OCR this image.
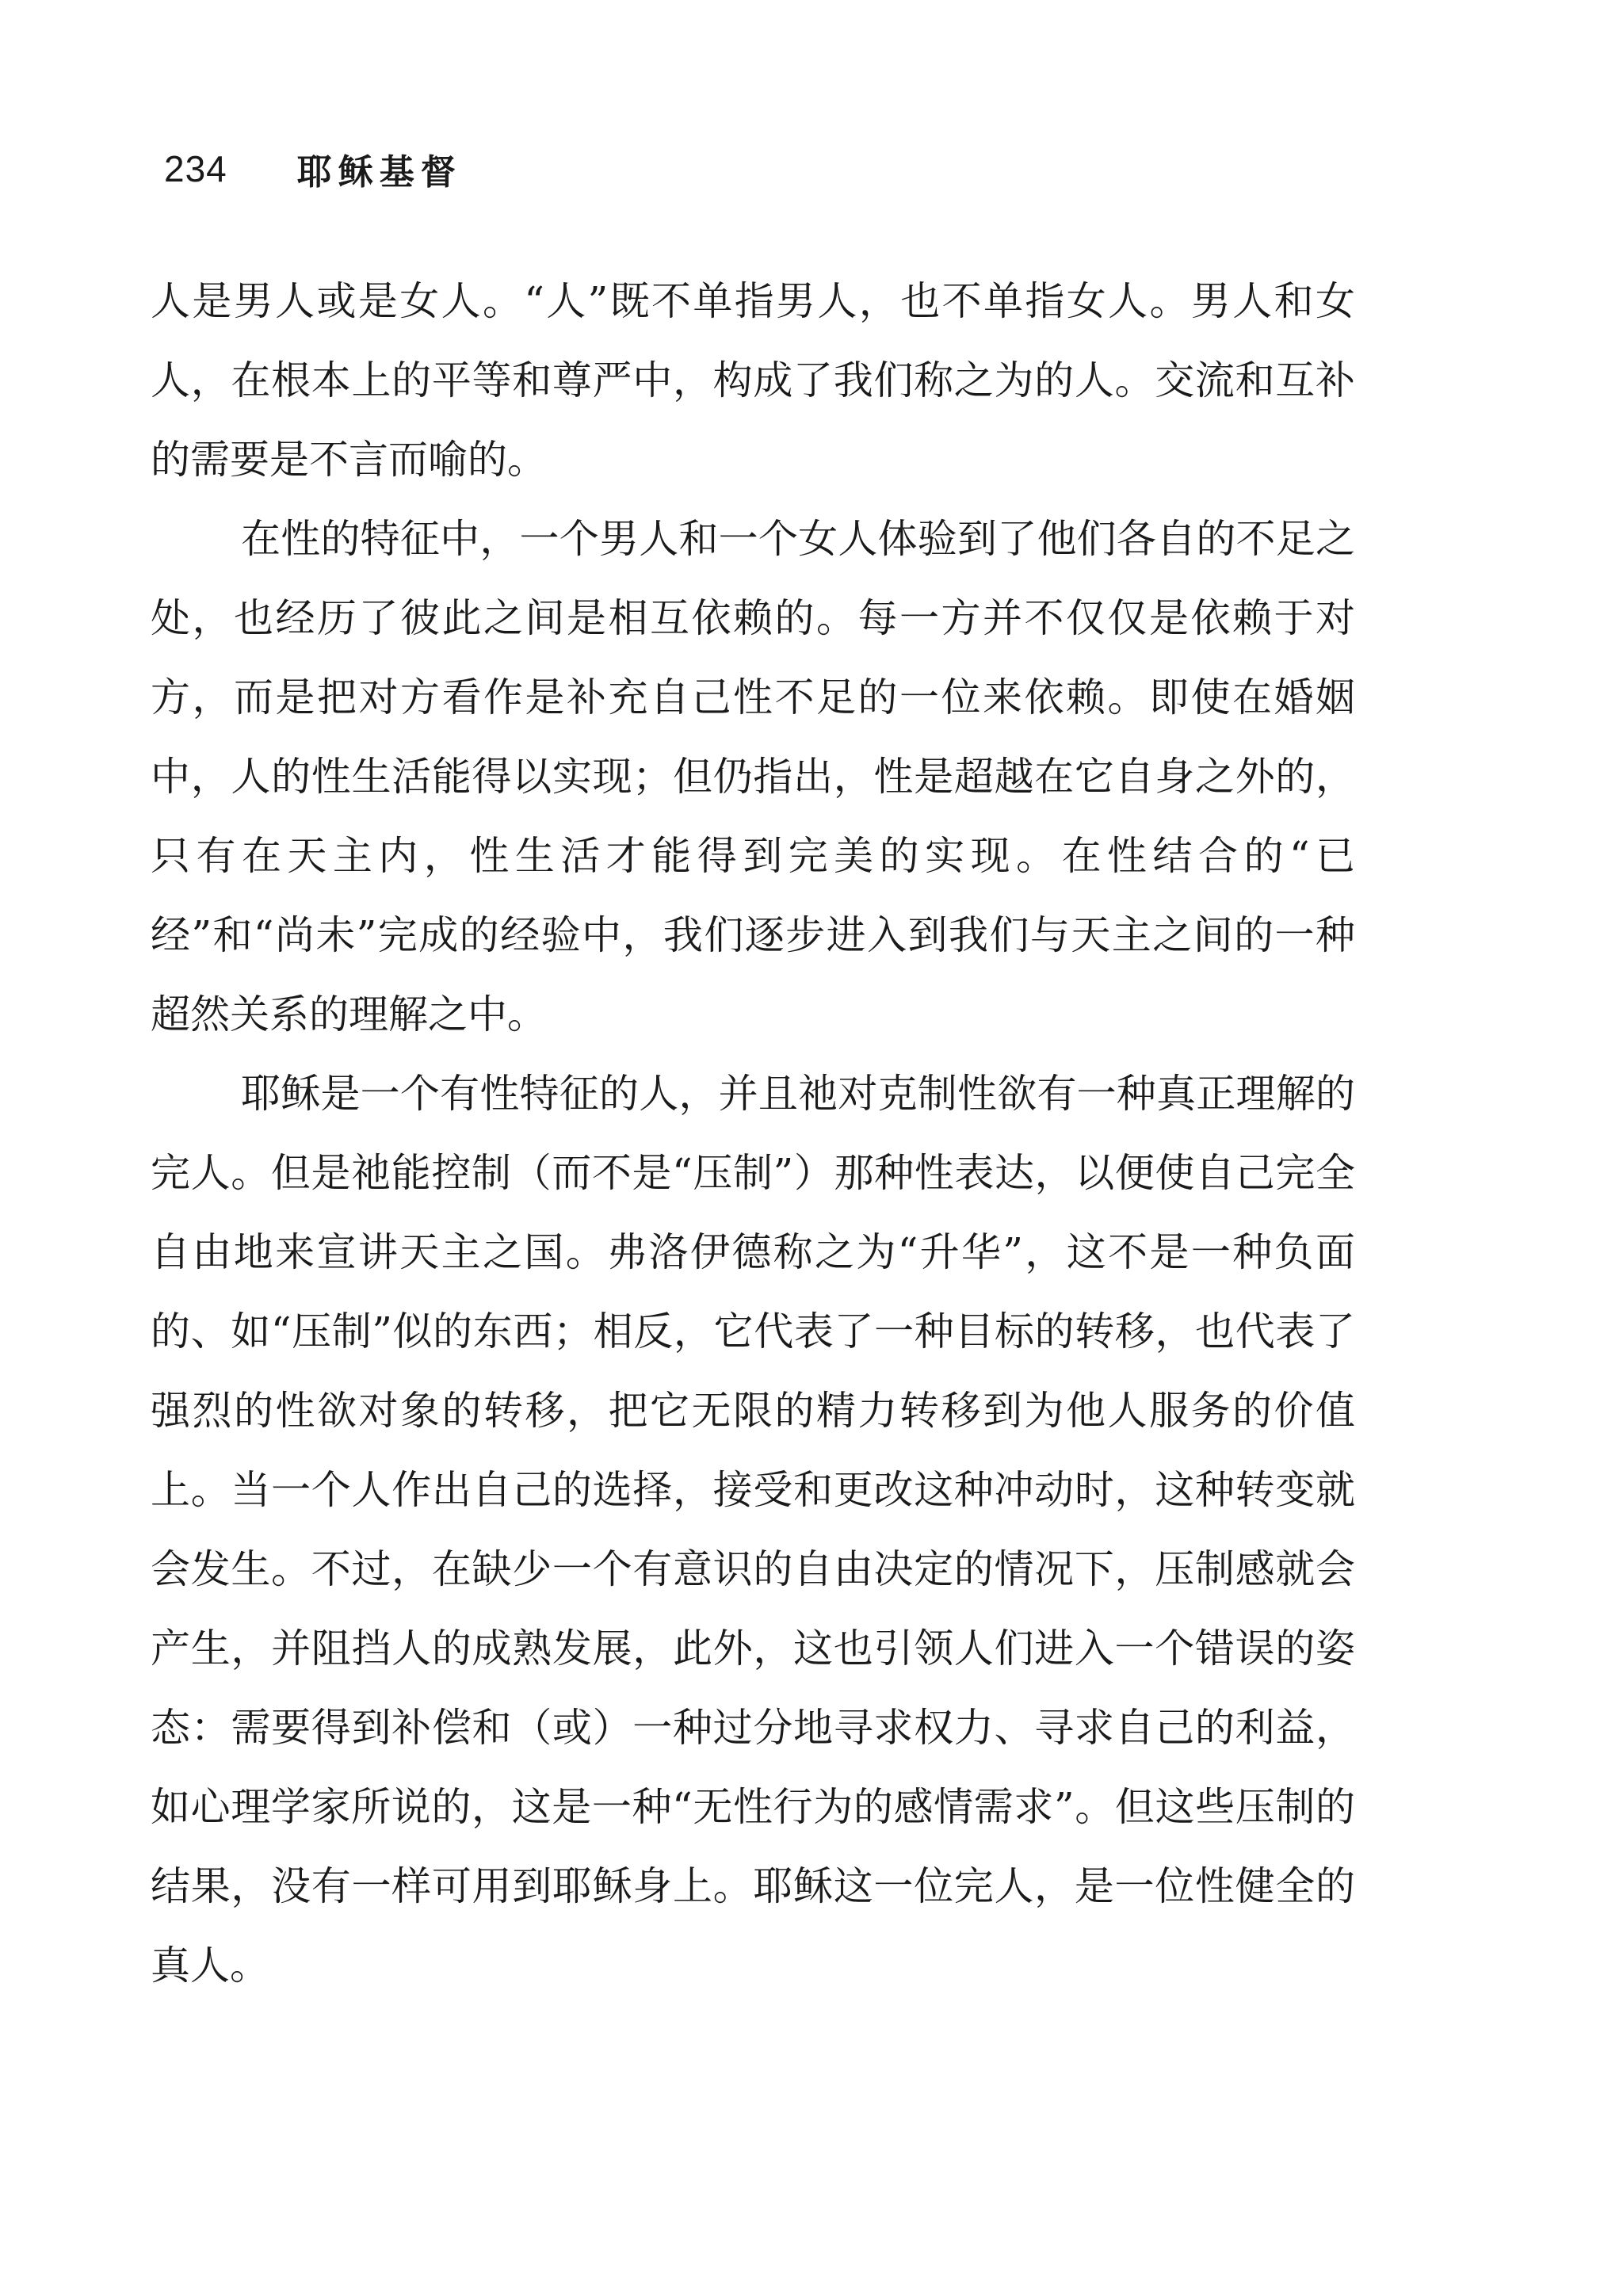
234 耶稣基督

人是男人或是女人。“人”既不单指男人，也不单指女人。男人和女人，在根本上的平等和尊严中，构成了我们称之为的人。交流和互补的需要是不言而喻的。

在性的特征中，一个男人和一个女人体验到了他们各自的不足之处，也经历了彼此之间是相互依赖的。每一方并不仅仅是依赖于对方，而是把对方看作是补充自己性不足的一位来依赖。即使在婚姻中，人的性生活能得以实现；但仍指出，性是超越在它自身之外的，只有在天主内，性生活才能得到完美的实现。在性结合的“已经”和“尚未”完成的经验中，我们逐步进入到我们与天主之间的一种超然关系的理解之中。

耶稣是一个有性特征的人，并且祂对克制性欲有一种真正理解的完人。但是祂能控制（而不是“压制”）那种性表达，以便使自己完全自由地来宣讲天主之国。弗洛伊德称之为“升华”，这不是一种负面的、如“压制”似的东西；相反，它代表了一种目标的转移，也代表了强烈的性欲对象的转移，把它无限的精力转移到为他人服务的价值上。当一个人作出自己的选择，接受和更改这种冲动时，这种转变就会发生。不过，在缺少一个有意识的自由决定的情况下，压制感就会产生，并阻挡人的成熟发展，此外，这也引领人们进入一个错误的姿态：需要得到补偿和（或）一种过分地寻求权力、寻求自己的利益，如心理学家所说的，这是一种“无性行为的感情需求”。但这些压制的结果，没有一样可用到耶稣身上。耶稣这一位完人，是一位性健全的真人。
